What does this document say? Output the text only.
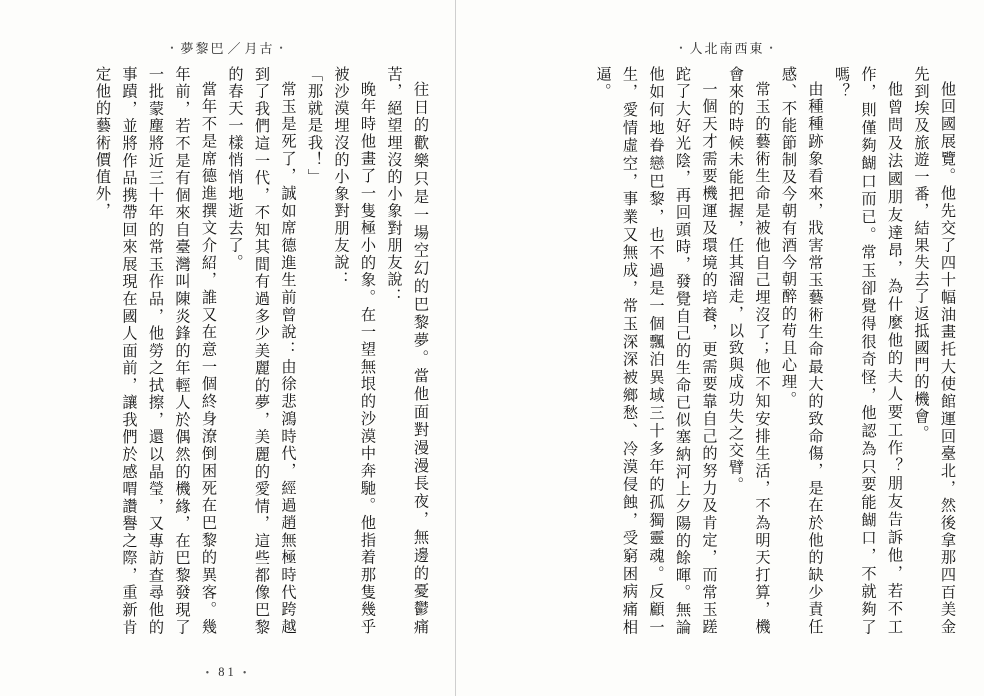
• 人北南西東 •

他回國展覽。他先交了四十幅油畫托大使館運回臺北，然後拿那四百美金先到埃及旅遊一番，結果失去了返抵國門的機會。

他曾問及法國朋友達昂，為什麼他的夫人要工作？朋友告訴他，若不工作，則僅夠餬口而已。常玉卻覺得很奇怪，他認為只要能餬口，不就夠了嗎？

由種種跡象看來，戕害常玉藝術生命最大的致命傷，是在於他的缺少責任感、不能節制及今朝有酒今朝醉的苟且心理。

常玉的藝術生命是被他自己埋沒了；他不知安排生活，不為明天打算，機會來的時候未能把握，任其溜走，以致與成功失之交臂。

一個天才需要機運及環境的培養，更需要靠自己的努力及肯定，而常玉蹉跎了大好光陰，再回頭時，發覺自己的生命已似塞納河上夕陽的餘暉。無論他如何地眷戀巴黎，也不過是一個飄泊異域三十多年的孤獨靈魂。反顧一生，愛情虛空，事業又無成，常玉深深被鄉愁、冷漠侵蝕，受窮困病痛相逼。

• 夢黎巴 ／ 月古 •

往日的歡樂只是一場空幻的巴黎夢。當他面對漫漫長夜，無邊的憂鬱痛苦，絕望埋沒的小象對朋友說：

晚年時他畫了一隻極小的象。在一望無垠的沙漠中奔馳。他指着那隻幾乎被沙漠埋沒的小象對朋友說：

「那就是我！」

常玉是死了，誠如席德進生前曾說：由徐悲鴻時代，經過趙無極時代跨越到了我們這一代，不知其間有過多少美麗的夢，美麗的愛情，這些都像巴黎的春天一樣悄悄地逝去了。

當年不是席德進撰文介紹，誰又在意一個終身潦倒困死在巴黎的異客。幾年前，若不是有個來自臺灣叫陳炎鋒的年輕人於偶然的機緣，在巴黎發現了一批蒙塵將近三十年的常玉作品，他勞之拭擦，還以晶瑩，又專訪查尋他的事蹟，並將作品携帶回來展現在國人面前，讓我們於感喟讚譽之際，重新肯定他的藝術價值外，

• 81 •
